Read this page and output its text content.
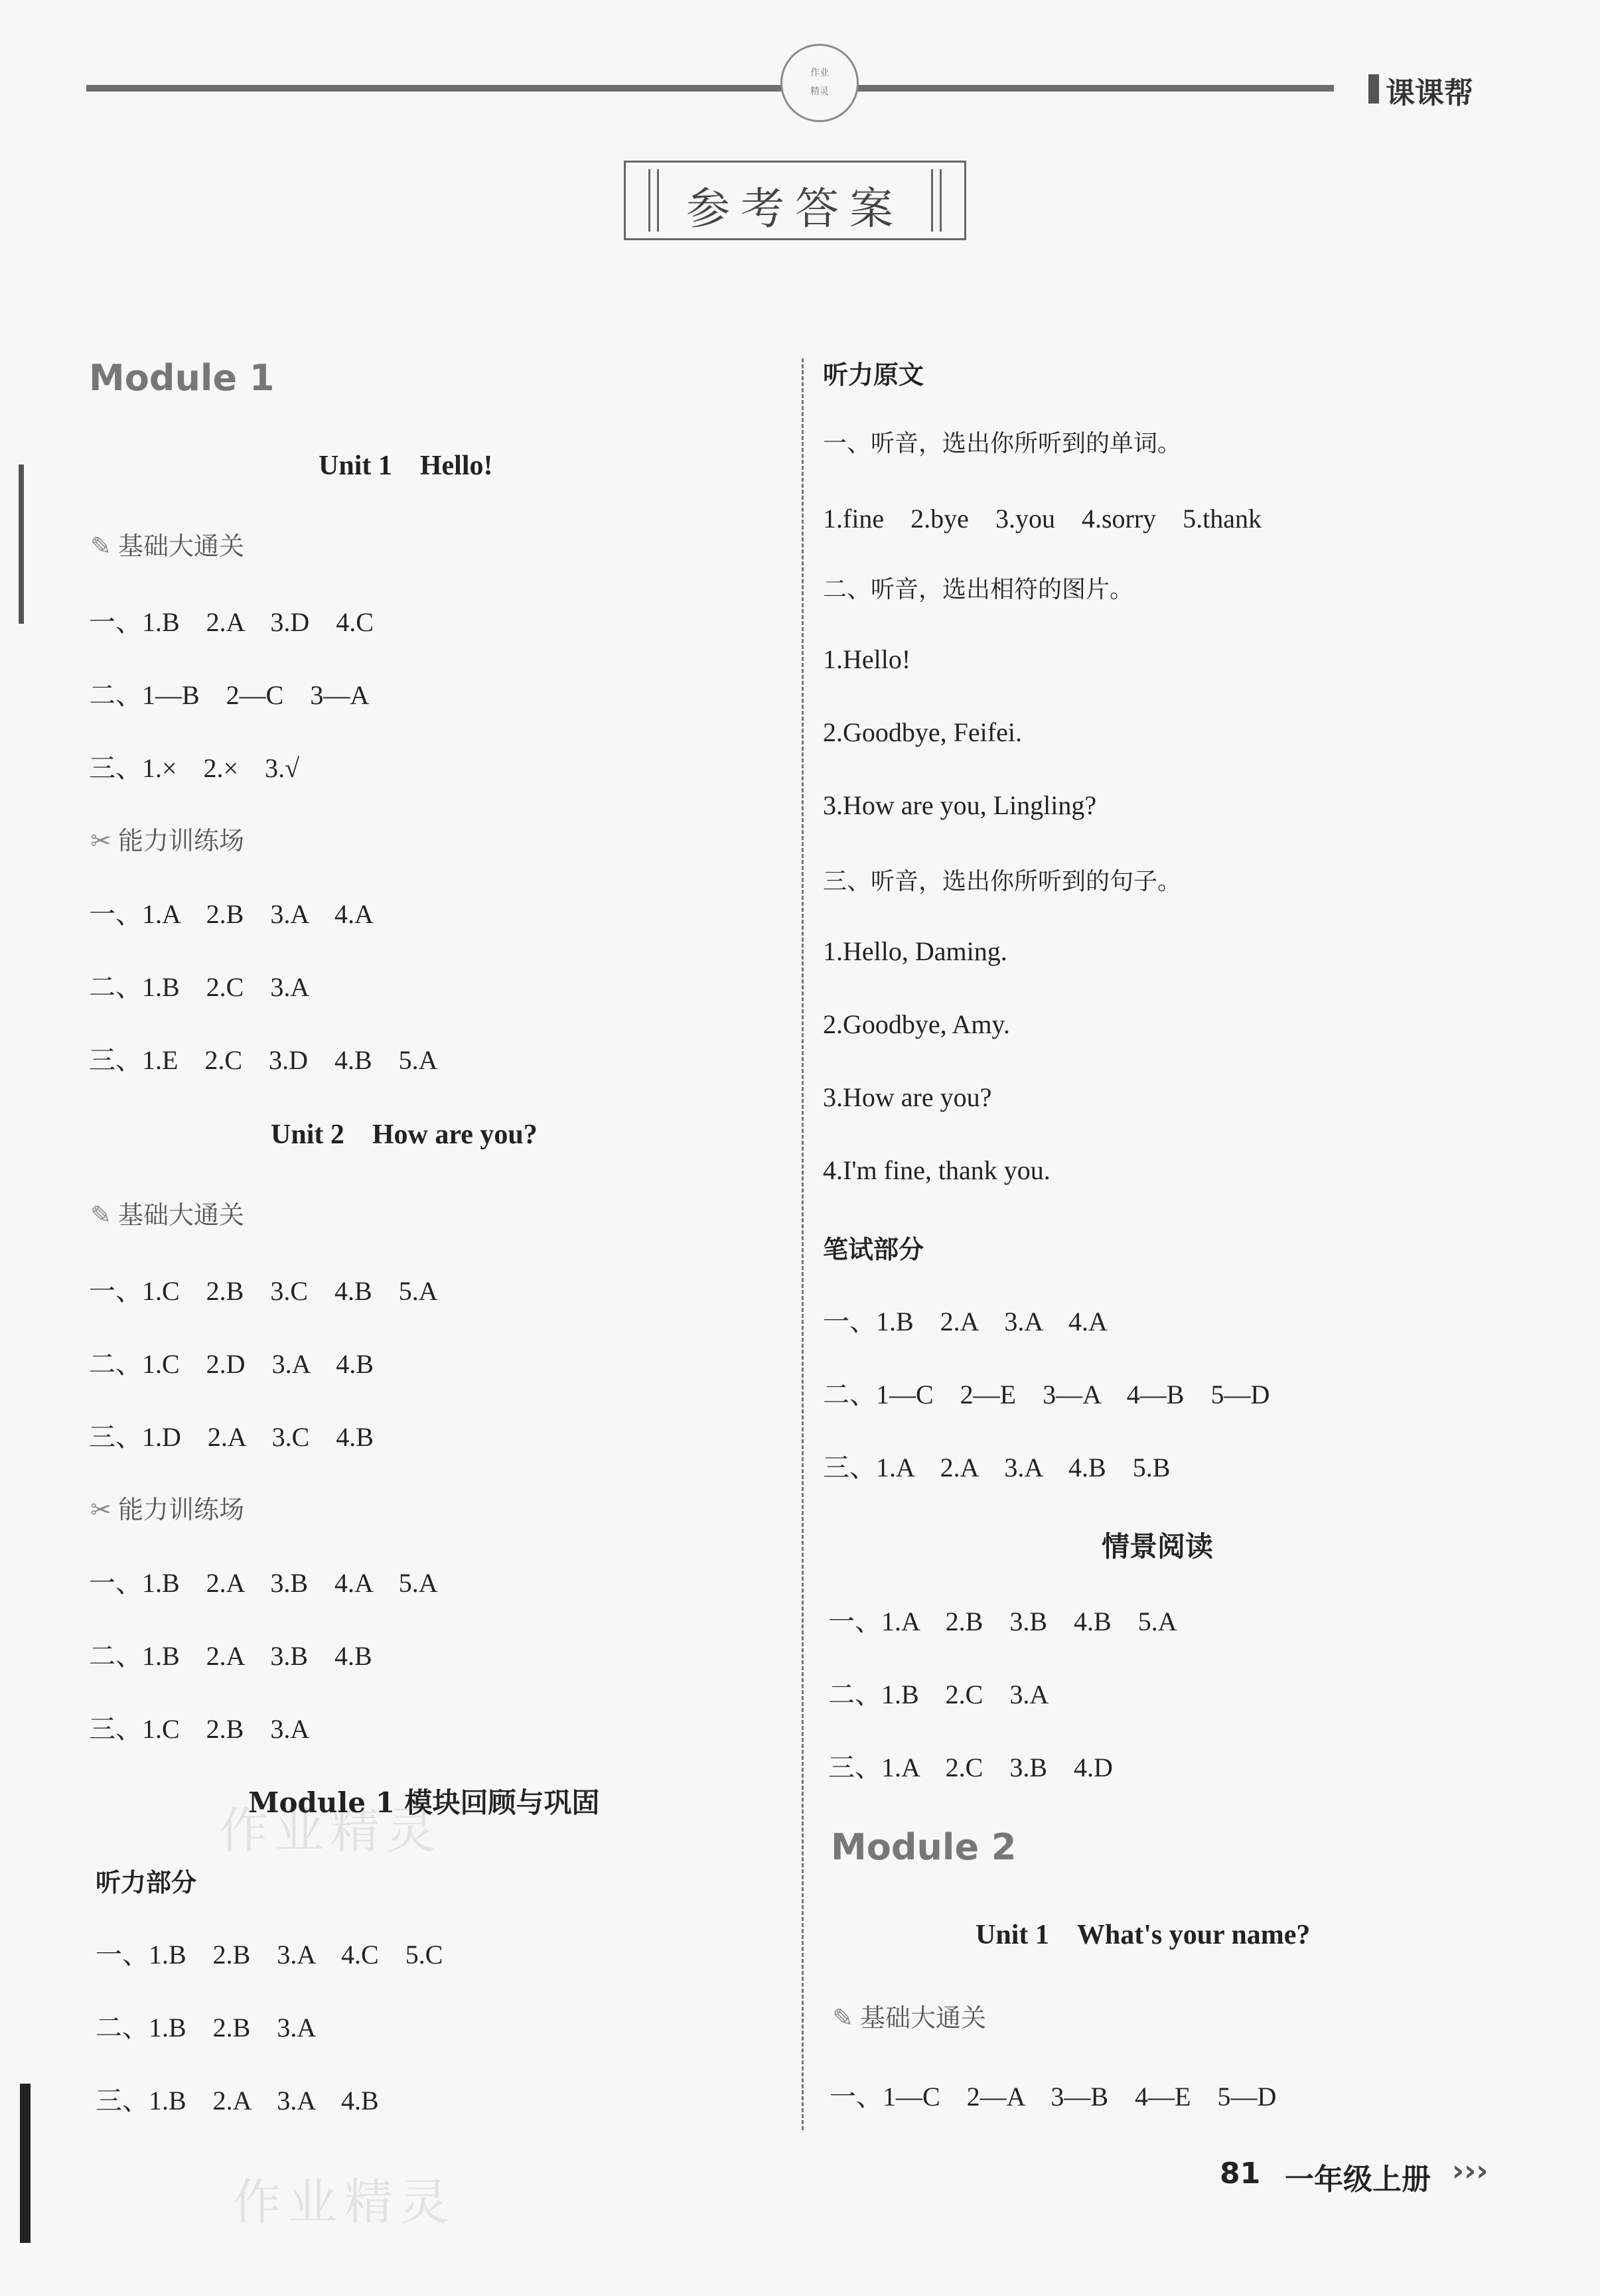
作业
精灵	课课帮
参考答案
作业精灵
作业精灵
Module 1
Unit 1　Hello!
✎ 基础大通关
一、1.B　2.A　3.D　4.C
二、1—B　2—C　3—A
三、1.×　2.×　3.√
✂ 能力训练场
一、1.A　2.B　3.A　4.A
二、1.B　2.C　3.A
三、1.E　2.C　3.D　4.B　5.A
Unit 2　How are you?
✎ 基础大通关
一、1.C　2.B　3.C　4.B　5.A
二、1.C　2.D　3.A　4.B
三、1.D　2.A　3.C　4.B
✂ 能力训练场
一、1.B　2.A　3.B　4.A　5.A
二、1.B　2.A　3.B　4.B
三、1.C　2.B　3.A
Module 1 模块回顾与巩固
听力部分
一、1.B　2.B　3.A　4.C　5.C
二、1.B　2.B　3.A
三、1.B　2.A　3.A　4.B
听力原文
一、听音，选出你所听到的单词。
1.fine　2.bye　3.you　4.sorry　5.thank
二、听音，选出相符的图片。
1.Hello!
2.Goodbye, Feifei.
3.How are you, Lingling?
三、听音，选出你所听到的句子。
1.Hello, Daming.
2.Goodbye, Amy.
3.How are you?
4.I'm fine, thank you.
笔试部分
一、1.B　2.A　3.A　4.A
二、1—C　2—E　3—A　4—B　5—D
三、1.A　2.A　3.A　4.B　5.B
情景阅读
一、1.A　2.B　3.B　4.B　5.A
二、1.B　2.C　3.A
三、1.A　2.C　3.B　4.D
Module 2
Unit 1　What's your name?
✎ 基础大通关
一、1—C　2—A　3—B　4—E　5—D
81 一年级上册 ›››
